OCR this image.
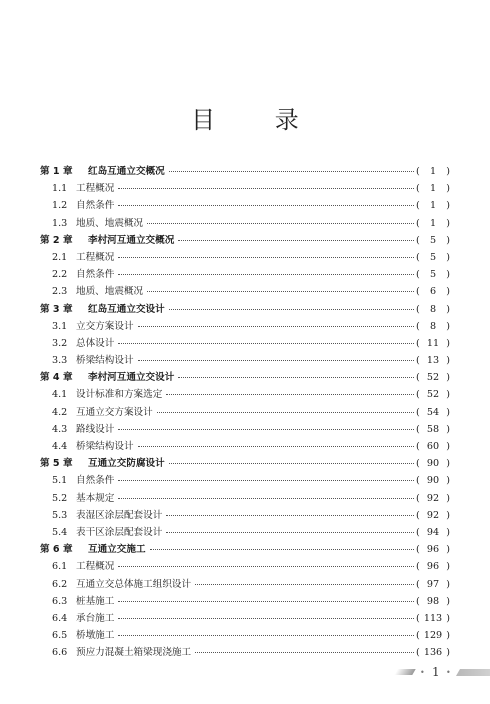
目 录
第 1 章	红岛互通立交概况	( 1 )
1.1 工程概况	( 1 )
1.2 自然条件	( 1 )
1.3 地质、地震概况	( 1 )
第 2 章	李村河互通立交概况	( 5 )
2.1 工程概况	( 5 )
2.2 自然条件	( 5 )
2.3 地质、地震概况	( 6 )
第 3 章	红岛互通立交设计	( 8 )
3.1 立交方案设计	( 8 )
3.2 总体设计	( 11 )
3.3 桥梁结构设计	( 13 )
第 4 章	李村河互通立交设计	( 52 )
4.1 设计标准和方案选定	( 52 )
4.2 互通立交方案设计	( 54 )
4.3 路线设计	( 58 )
4.4 桥梁结构设计	( 60 )
第 5 章	互通立交防腐设计	( 90 )
5.1 自然条件	( 90 )
5.2 基本规定	( 92 )
5.3 表湿区涂层配套设计	( 92 )
5.4 表干区涂层配套设计	( 94 )
第 6 章	互通立交施工	( 96 )
6.1 工程概况	( 96 )
6.2 互通立交总体施工组织设计	( 97 )
6.3 桩基施工	( 98 )
6.4 承台施工	( 113 )
6.5 桥墩施工	( 129 )
6.6 预应力混凝土箱梁现浇施工	( 136 )
• 1 •
